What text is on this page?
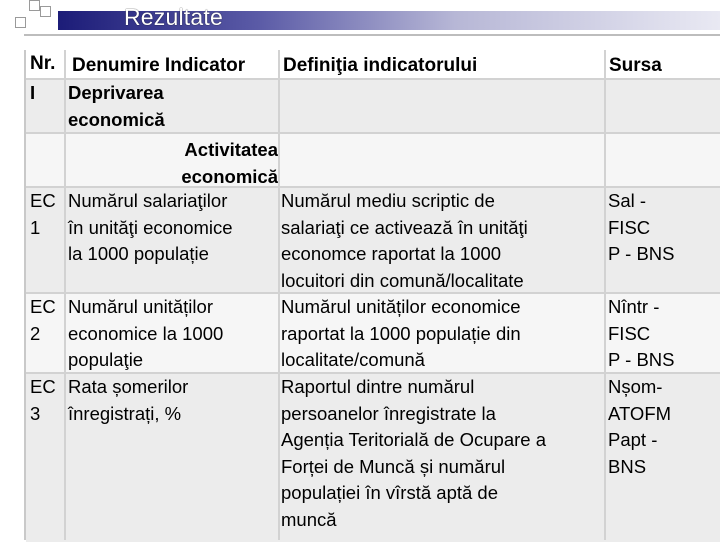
Rezultate
Nr. Denumire Indicator Definiţia indicatorului	Sursa
I Deprivarea
economică
Activitatea
economică
EC
1
Numărul salariaţilor
în unităţi economice
la 1000 populație
Numărul mediu scriptic de
salariaţi ce activează în unităţi
economce raportat la 1000
locuitori din comună/localitate
Sal -
FISC
P - BNS
EC
2
Numărul unităților
economice la 1000
populaţie
Numărul unităților economice
raportat la 1000 populație din
localitate/comună
Nîntr -
FISC
P - BNS
EC
3
Rata șomerilor
înregistrați, %
Raportul dintre numărul
persoanelor înregistrate la
Agenția Teritorială de Ocupare a
Forței de Muncă și numărul
populației în vîrstă aptă de
muncă
Nșom-
ATOFM
Papt -
BNS
